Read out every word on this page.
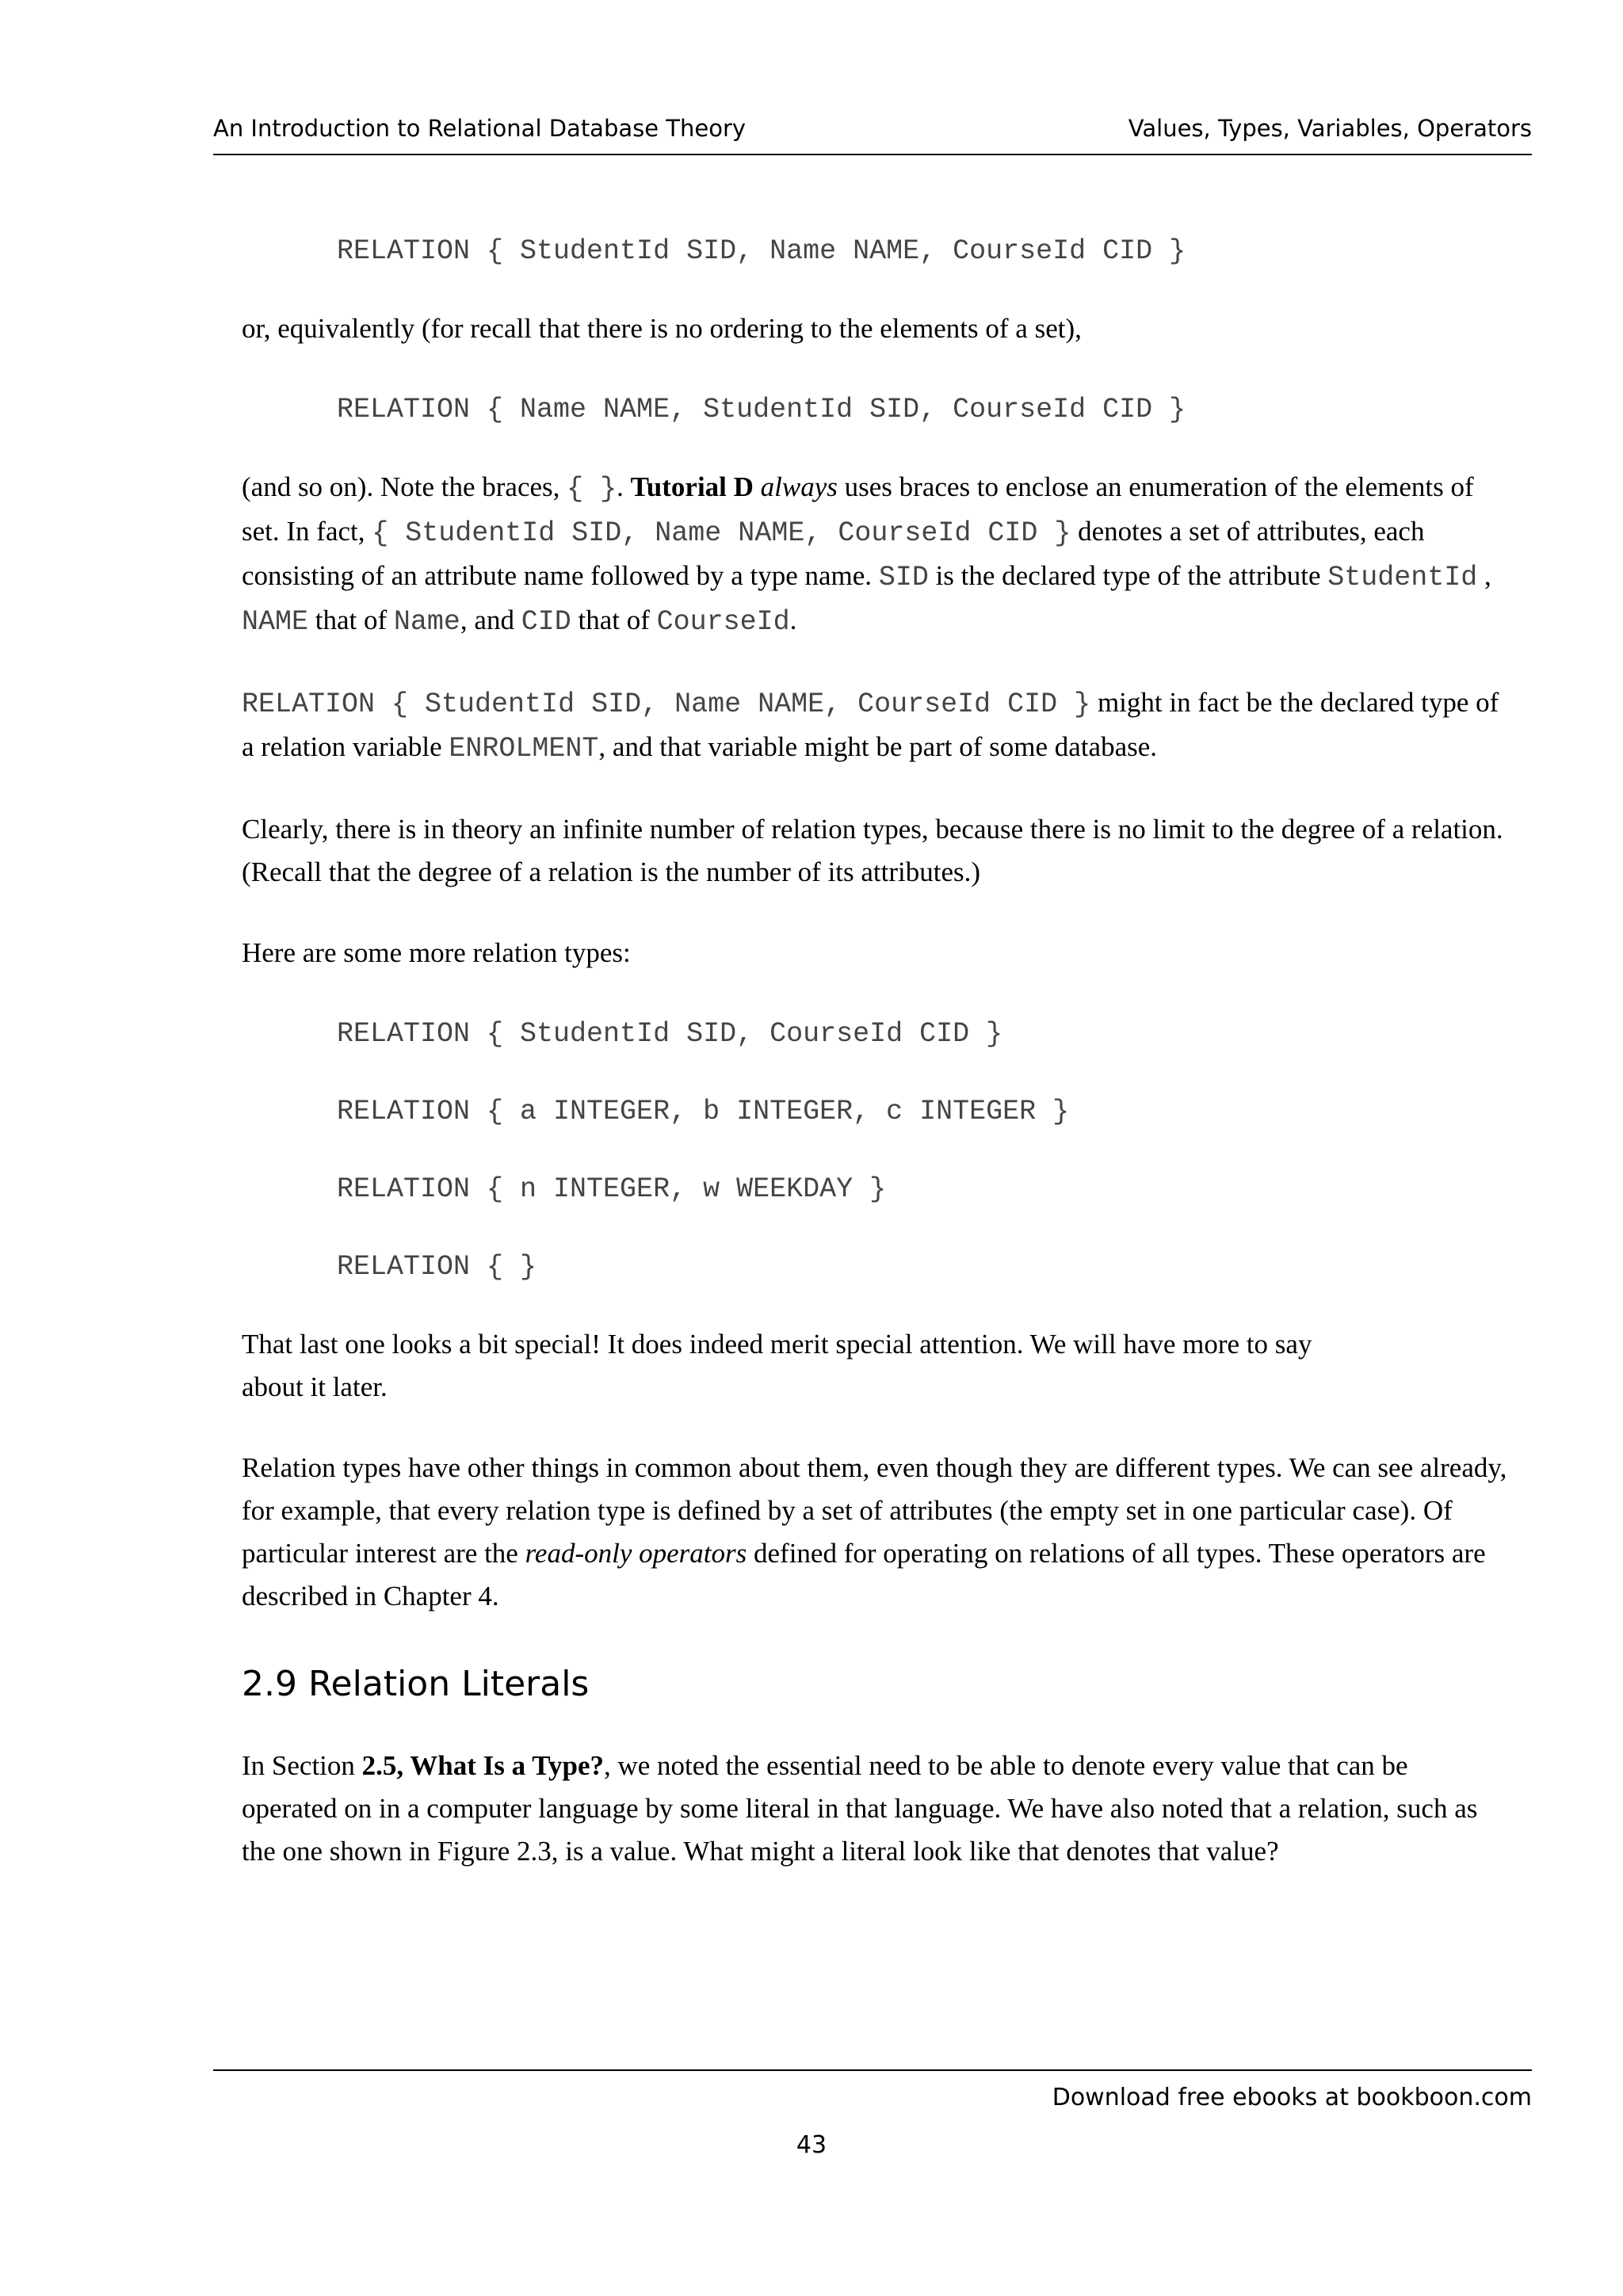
An Introduction to Relational Database Theory	Values, Types, Variables, Operators
RELATION { StudentId SID, Name NAME, CourseId CID }

or, equivalently (for recall that there is no ordering to the elements of a set),

RELATION { Name NAME, StudentId SID, CourseId CID }

(and so on). Note the braces, { }. Tutorial D always uses braces to enclose an enumeration of the elements of set. In fact, { StudentId SID, Name NAME, CourseId CID } denotes a set of attributes, each consisting of an attribute name followed by a type name. SID is the declared type of the attribute StudentId , NAME that of Name, and CID that of CourseId.

RELATION { StudentId SID, Name NAME, CourseId CID } might in fact be the declared type of a relation variable ENROLMENT, and that variable might be part of some database.

Clearly, there is in theory an infinite number of relation types, because there is no limit to the degree of a relation. (Recall that the degree of a relation is the number of its attributes.)

Here are some more relation types:

RELATION { StudentId SID, CourseId CID }
RELATION { a INTEGER, b INTEGER, c INTEGER }
RELATION { n INTEGER, w WEEKDAY }
RELATION { }

That last one looks a bit special! It does indeed merit special attention. We will have more to say
about it later.

Relation types have other things in common about them, even though they are different types. We can see already, for example, that every relation type is defined by a set of attributes (the empty set in one particular case). Of particular interest are the read-only operators defined for operating on relations of all types. These operators are described in Chapter 4.

2.9 Relation Literals

In Section 2.5, What Is a Type?, we noted the essential need to be able to denote every value that can be operated on in a computer language by some literal in that language. We have also noted that a relation, such as the one shown in Figure 2.3, is a value. What might a literal look like that denotes that value?

Download free ebooks at bookboon.com
43
